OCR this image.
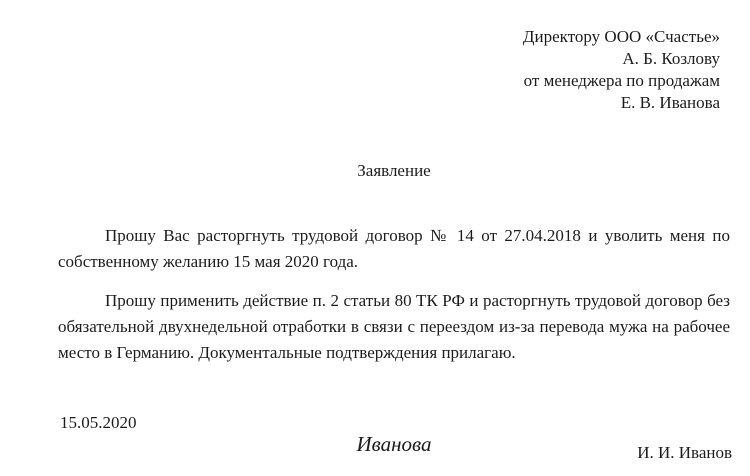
Директору ООО «Счастье»
А. Б. Козлову
от менеджера по продажам
Е. В. Иванова
Заявление

Прошу Вас расторгнуть трудовой договор № 14 от 27.04.2018 и уволить меня по собственному желанию 15 мая 2020 года.

Прошу применить действие п. 2 статьи 80 ТК РФ и расторгнуть трудовой договор без обязательной двухнедельной отработки в связи с переездом из-за перевода мужа на рабочее место в Германию. Документальные подтверждения прилагаю.

15.05.2020
Иванова	И. И. Иванов
